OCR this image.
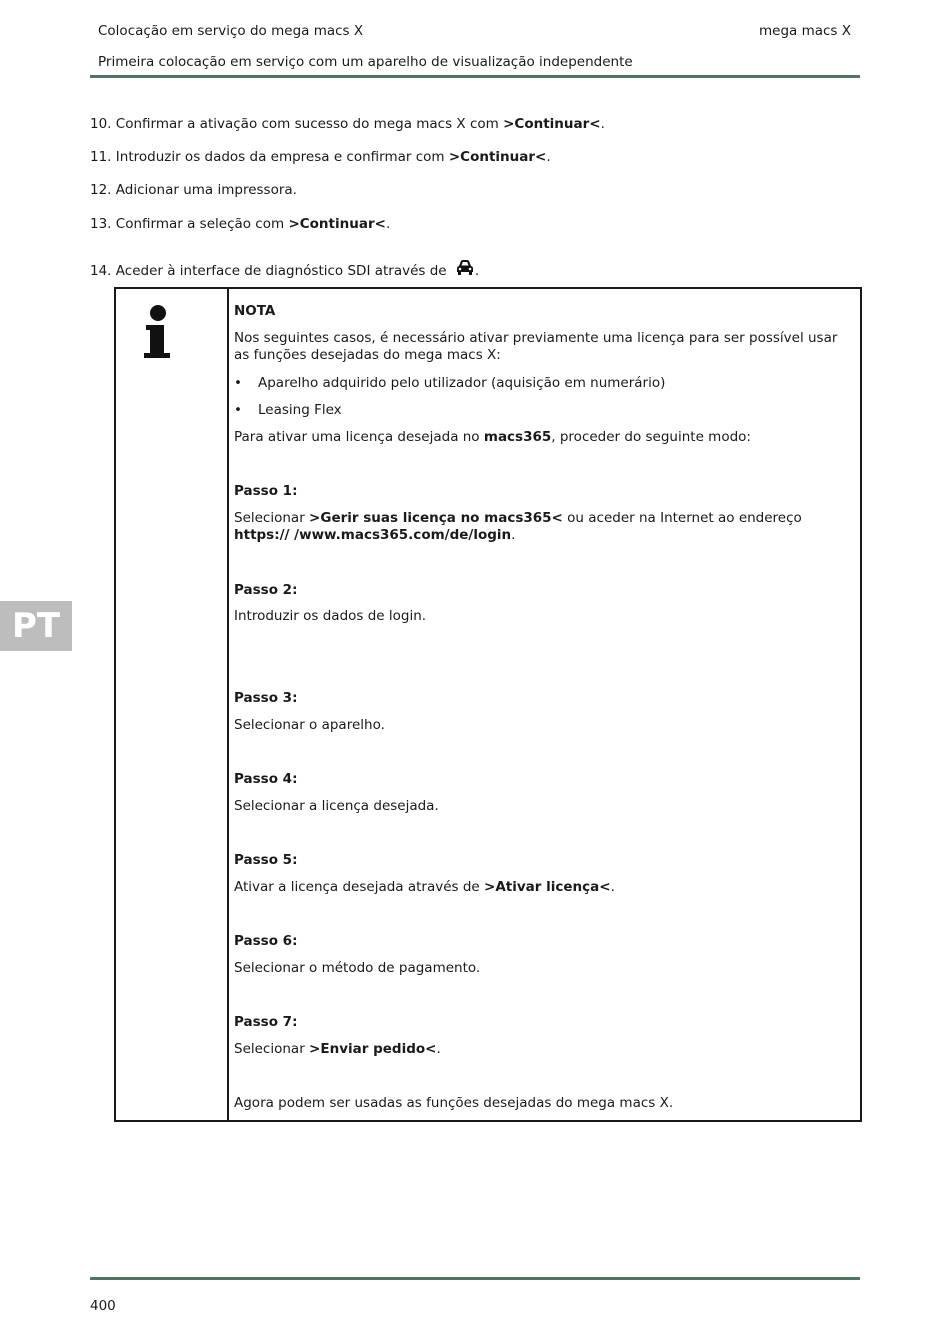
Colocação em serviço do mega macs X	mega macs X
Primeira colocação em serviço com um aparelho de visualização independente
10. Confirmar a ativação com sucesso do mega macs X com >Continuar<.
11. Introduzir os dados da empresa e confirmar com >Continuar<.
12. Adicionar uma impressora.
13. Confirmar a seleção com >Continuar<.
14. Aceder à interface de diagnóstico SDI através de .
NOTA
Nos seguintes casos, é necessário ativar previamente uma licença para ser possível usar as funções desejadas do mega macs X:
• Aparelho adquirido pelo utilizador (aquisição em numerário)
• Leasing Flex
Para ativar uma licença desejada no macs365, proceder do seguinte modo:
Passo 1:
Selecionar >Gerir suas licença no macs365< ou aceder na Internet ao endereço https:// /www.macs365.com/de/login.
Passo 2:
Introduzir os dados de login.
Passo 3:
Selecionar o aparelho.
Passo 4:
Selecionar a licença desejada.
Passo 5:
Ativar a licença desejada através de >Ativar licença<.
Passo 6:
Selecionar o método de pagamento.
Passo 7:
Selecionar >Enviar pedido<.
Agora podem ser usadas as funções desejadas do mega macs X.
PT
400
